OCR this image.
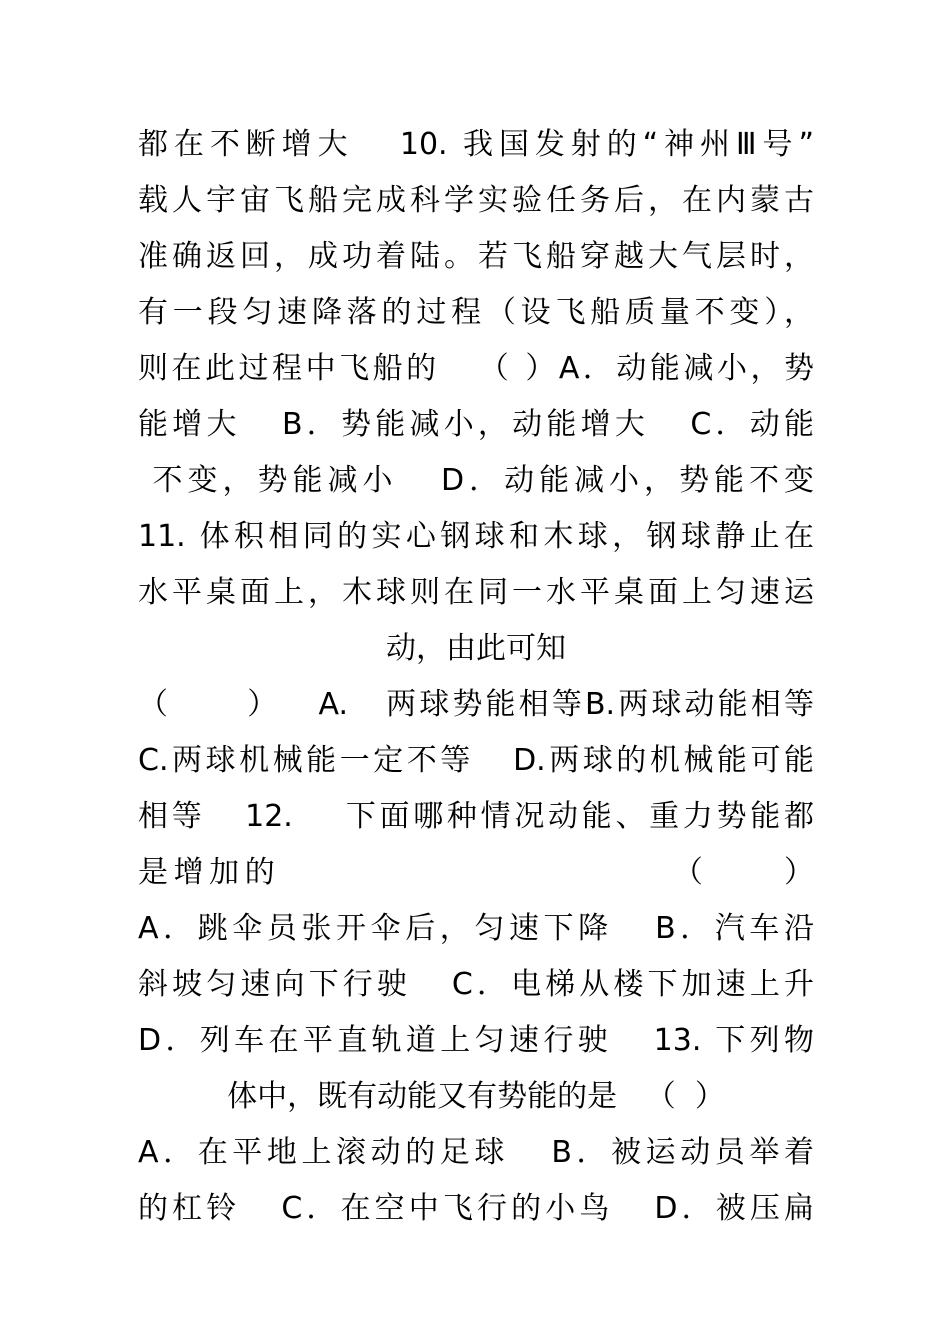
都在不断增大   10. 我国发射的“神州Ⅲ号”
载人宇宙飞船完成科学实验任务后，在内蒙古
准确返回，成功着陆。若飞船穿越大气层时，
有一段匀速降落的过程（设飞船质量不变），
则在此过程中飞船的   （ ）A．动能减小，势
能增大   B．势能减小，动能增大   C．动能
不变，势能减小   D．动能减小，势能不变
11. 体积相同的实心钢球和木球，钢球静止在
水平桌面上，木球则在同一水平桌面上匀速运
动，由此可知
（      ）   A.   两球势能相等B.两球动能相等
C.两球机械能一定不等   D.两球的机械能可能
相等   12.    下面哪种情况动能、重力势能都
是增加的                          （     ）
A．跳伞员张开伞后，匀速下降   B．汽车沿
斜坡匀速向下行驶   C．电梯从楼下加速上升
D．列车在平直轨道上匀速行驶   13. 下列物
体中，既有动能又有势能的是   （  ）
A．在平地上滚动的足球   B．被运动员举着
的杠铃   C．在空中飞行的小鸟   D．被压扁
